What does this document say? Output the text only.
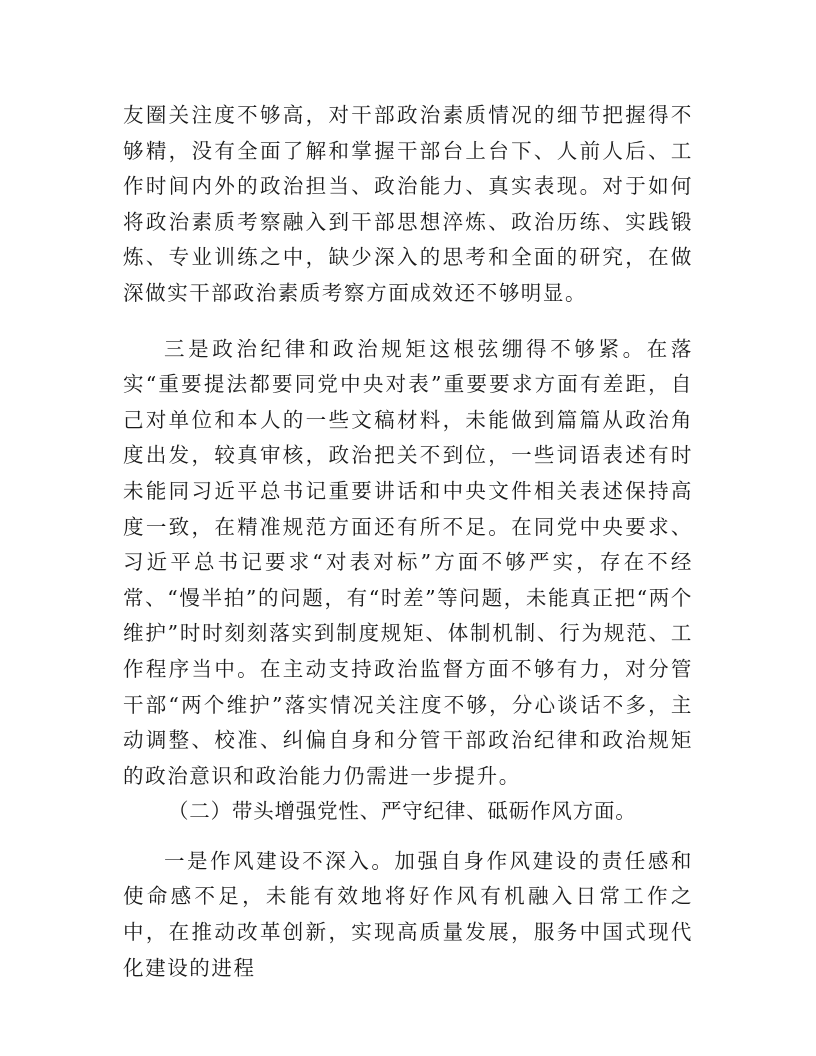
友圈关注度不够高，对干部政治素质情况的细节把握得不够精，没有全面了解和掌握干部台上台下、人前人后、工作时间内外的政治担当、政治能力、真实表现。对于如何将政治素质考察融入到干部思想淬炼、政治历练、实践锻炼、专业训练之中，缺少深入的思考和全面的研究，在做深做实干部政治素质考察方面成效还不够明显。

三是政治纪律和政治规矩这根弦绷得不够紧。在落实“重要提法都要同党中央对表”重要要求方面有差距，自己对单位和本人的一些文稿材料，未能做到篇篇从政治角度出发，较真审核，政治把关不到位，一些词语表述有时未能同习近平总书记重要讲话和中央文件相关表述保持高度一致，在精准规范方面还有所不足。在同党中央要求、习近平总书记要求“对表对标”方面不够严实，存在不经常、“慢半拍”的问题，有“时差”等问题，未能真正把“两个维护”时时刻刻落实到制度规矩、体制机制、行为规范、工作程序当中。在主动支持政治监督方面不够有力，对分管干部“两个维护”落实情况关注度不够，分心谈话不多，主动调整、校准、纠偏自身和分管干部政治纪律和政治规矩的政治意识和政治能力仍需进一步提升。

（二）带头增强党性、严守纪律、砥砺作风方面。

一是作风建设不深入。加强自身作风建设的责任感和使命感不足，未能有效地将好作风有机融入日常工作之中，在推动改革创新，实现高质量发展，服务中国式现代化建设的进程
